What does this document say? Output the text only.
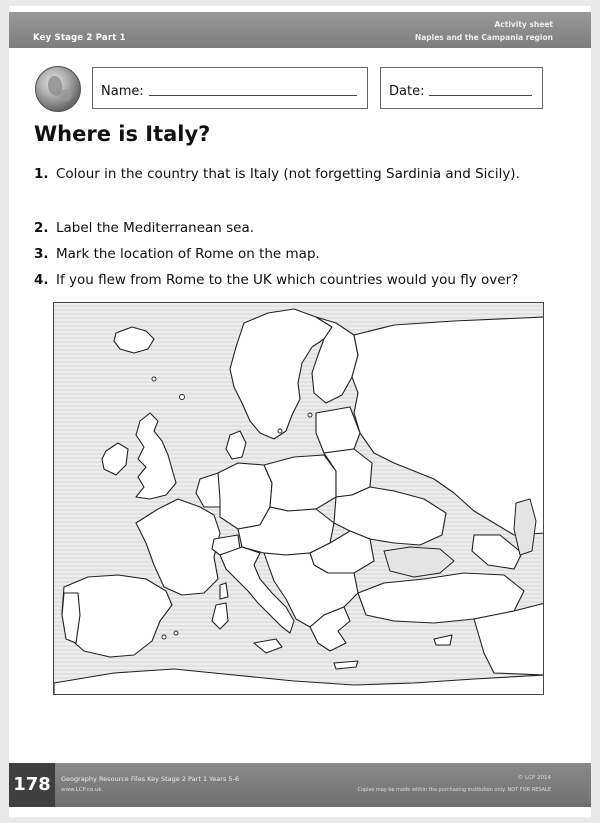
Key Stage 2 Part 1
Activity sheet
Naples and the Campania region
Name:	Date:
Where is Italy?
1. Colour in the country that is Italy (not forgetting Sardinia and Sicily).
2. Label the Mediterranean sea.
3. Mark the location of Rome on the map.
4. If you flew from Rome to the UK which countries would you fly over?
178	Geography Resource Files Key Stage 2 Part 1 Years 5-6
www.LCP.co.uk
© LCP 2014
Copies may be made within the purchasing institution only. NOT FOR RESALE
